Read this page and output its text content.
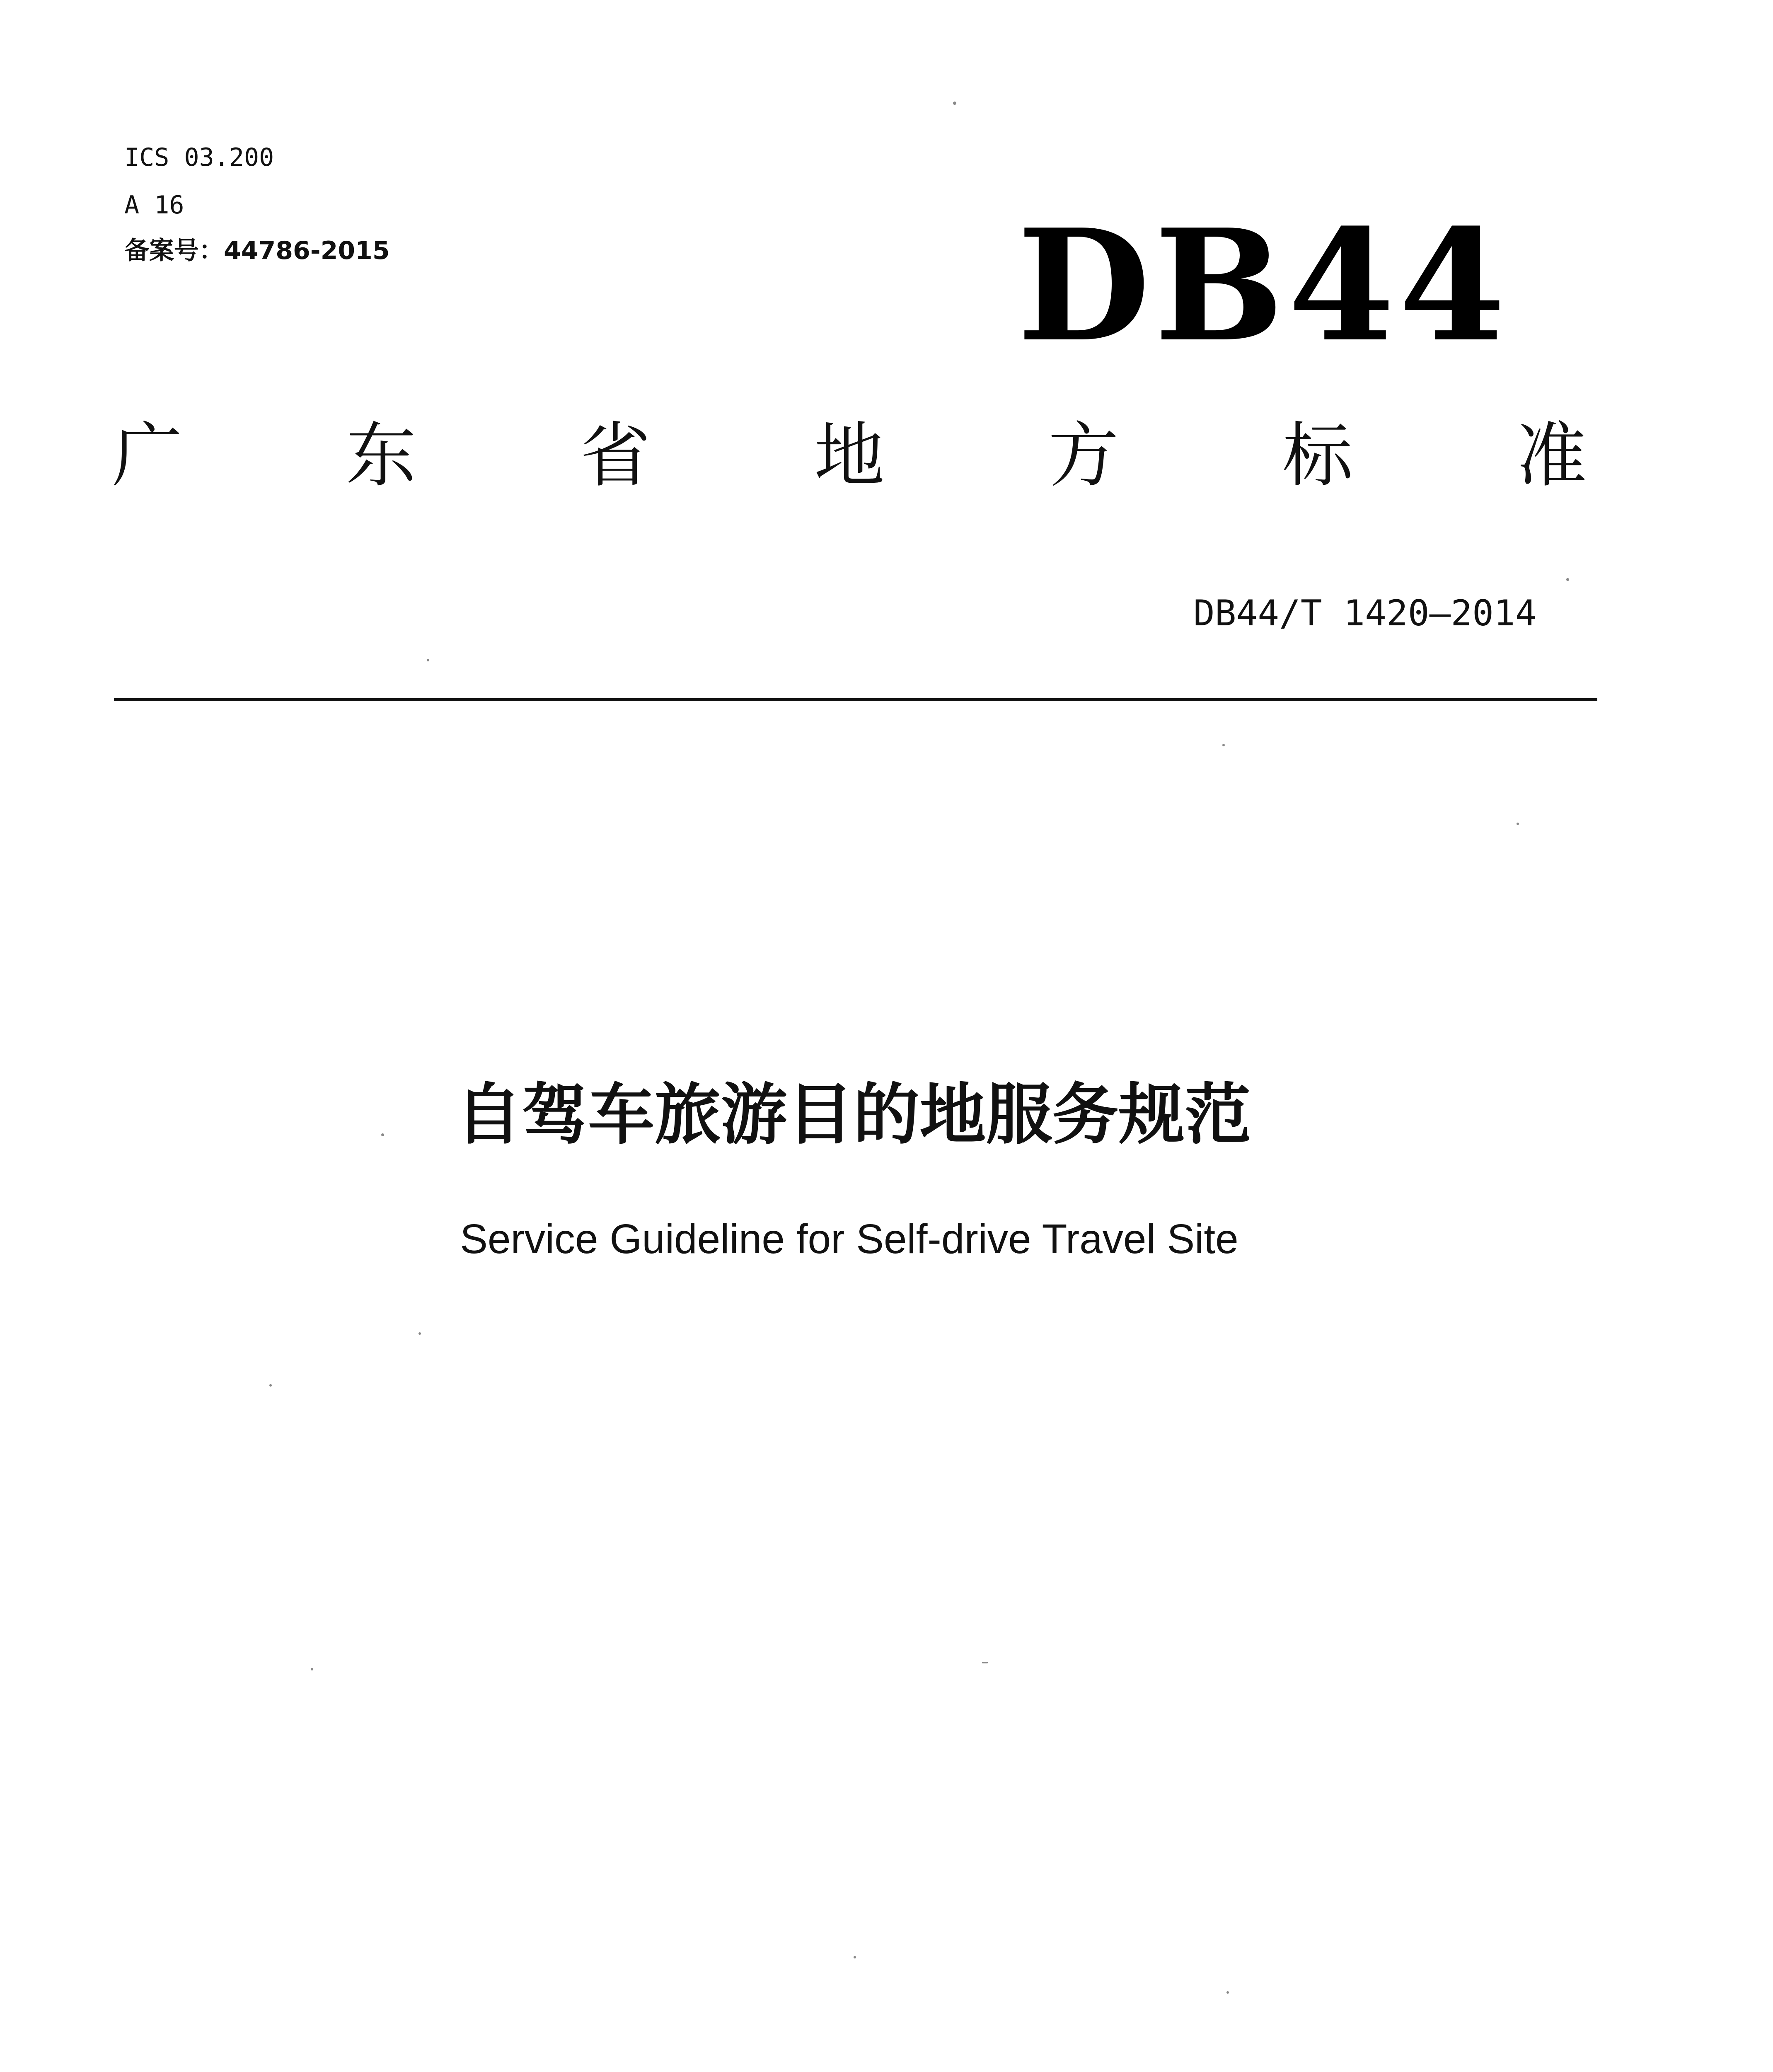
ICS 03.200
A 16
备案号：44786-2015	DB44
广 东 省 地 方 标 准
DB44/T 1420—2014
自驾车旅游目的地服务规范
Service Guideline for Self-drive Travel Site
